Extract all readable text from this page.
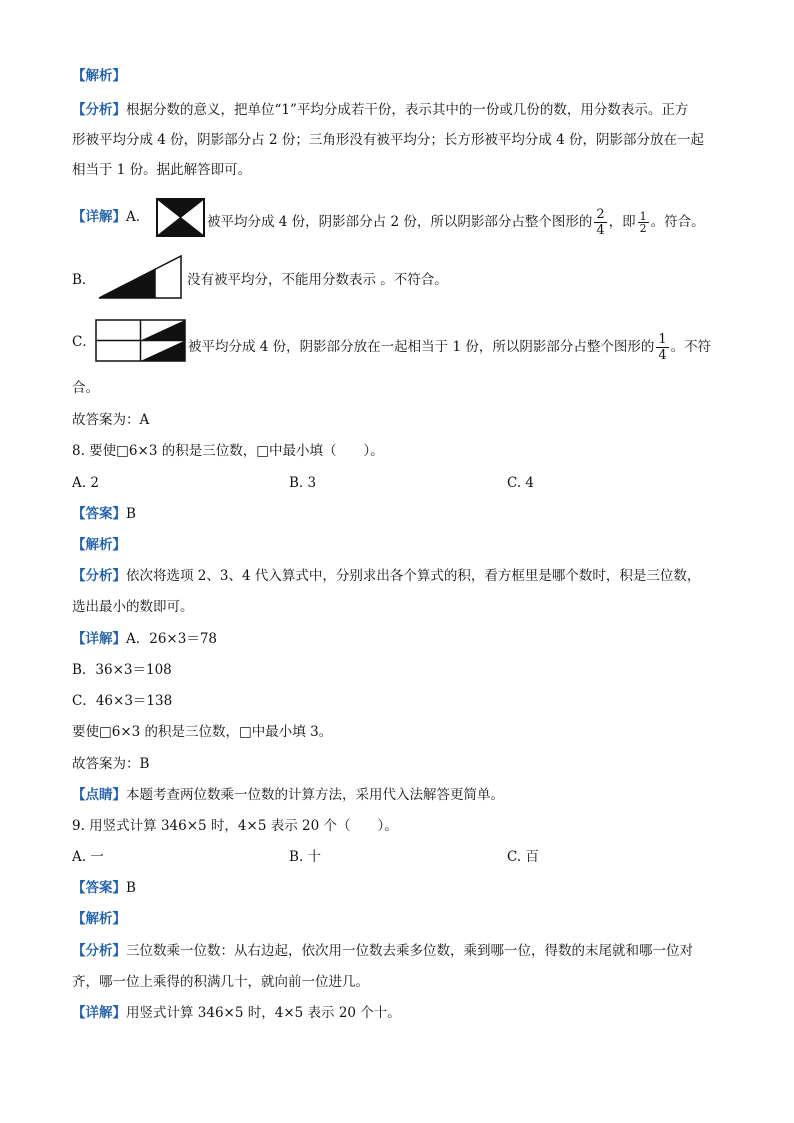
【解析】
【分析】根据分数的意义，把单位“1”平均分成若干份，表示其中的一份或几份的数，用分数表示。正方
形被平均分成 4 份，阴影部分占 2 份；三角形没有被平均分；长方形被平均分成 4 份，阴影部分放在一起
相当于 1 份。据此解答即可。
【详解】A．	被平均分成 4 份，阴影部分占 2 份，所以阴影部分占整个图形的 $\frac{2}{4}$ ，即 $\frac{1}{2}$ 。符合。
B．	没有被平均分，不能用分数表示 。不符合。
C．	被平均分成 4 份，阴影部分放在一起相当于 1 份，所以阴影部分占整个图形的 $\frac{1}{4}$ 。不符
合。
故答案为：A
8. 要使□6×3 的积是三位数，□中最小填（　　）。
A. 2	B. 3	C. 4
【答案】B
【解析】
【分析】依次将选项 2、3、4 代入算式中，分别求出各个算式的积，看方框里是哪个数时，积是三位数，
选出最小的数即可。
【详解】A．26×3＝78
B．36×3＝108
C．46×3＝138
要使□6×3 的积是三位数，□中最小填 3。
故答案为：B
【点睛】本题考查两位数乘一位数的计算方法，采用代入法解答更简单。
9. 用竖式计算 346×5 时，4×5 表示 20 个（　　）。
A. 一	B. 十	C. 百
【答案】B
【解析】
【分析】三位数乘一位数：从右边起，依次用一位数去乘多位数，乘到哪一位，得数的末尾就和哪一位对
齐，哪一位上乘得的积满几十，就向前一位进几。
【详解】用竖式计算 346×5 时，4×5 表示 20 个十。
